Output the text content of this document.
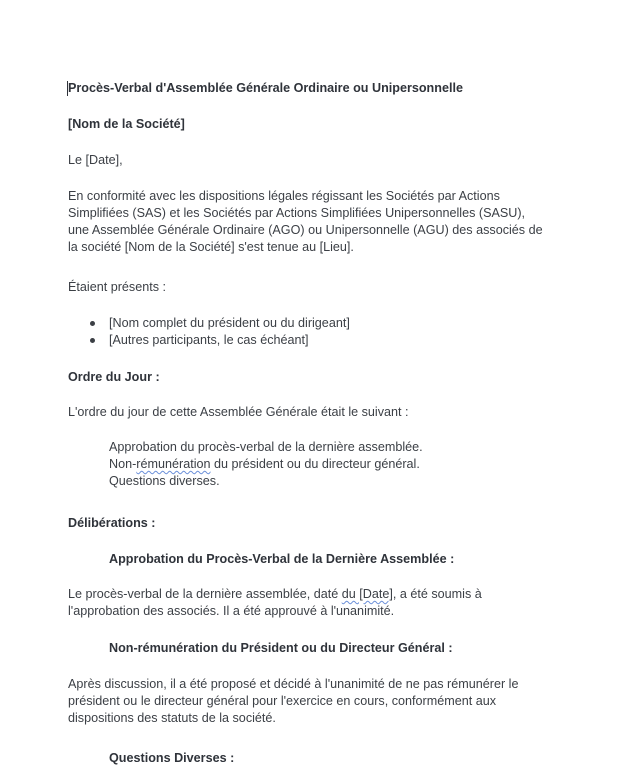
Procès-Verbal d'Assemblée Générale Ordinaire ou Unipersonnelle

[Nom de la Société]

Le [Date],

En conformité avec les dispositions légales régissant les Sociétés par Actions

Simplifiées (SAS) et les Sociétés par Actions Simplifiées Unipersonnelles (SASU),

une Assemblée Générale Ordinaire (AGO) ou Unipersonnelle (AGU) des associés de

la société [Nom de la Société] s'est tenue au [Lieu].

Étaient présents :

[Nom complet du président ou du dirigeant]
[Autres participants, le cas échéant]

Ordre du Jour :

L'ordre du jour de cette Assemblée Générale était le suivant :

Approbation du procès-verbal de la dernière assemblée.

Non-rémunération du président ou du directeur général.

Questions diverses.

Délibérations :

Approbation du Procès-Verbal de la Dernière Assemblée :

Le procès-verbal de la dernière assemblée, daté du [Date], a été soumis à

l'approbation des associés. Il a été approuvé à l'unanimité.

Non-rémunération du Président ou du Directeur Général :

Après discussion, il a été proposé et décidé à l'unanimité de ne pas rémunérer le

président ou le directeur général pour l'exercice en cours, conformément aux

dispositions des statuts de la société.

Questions Diverses :
